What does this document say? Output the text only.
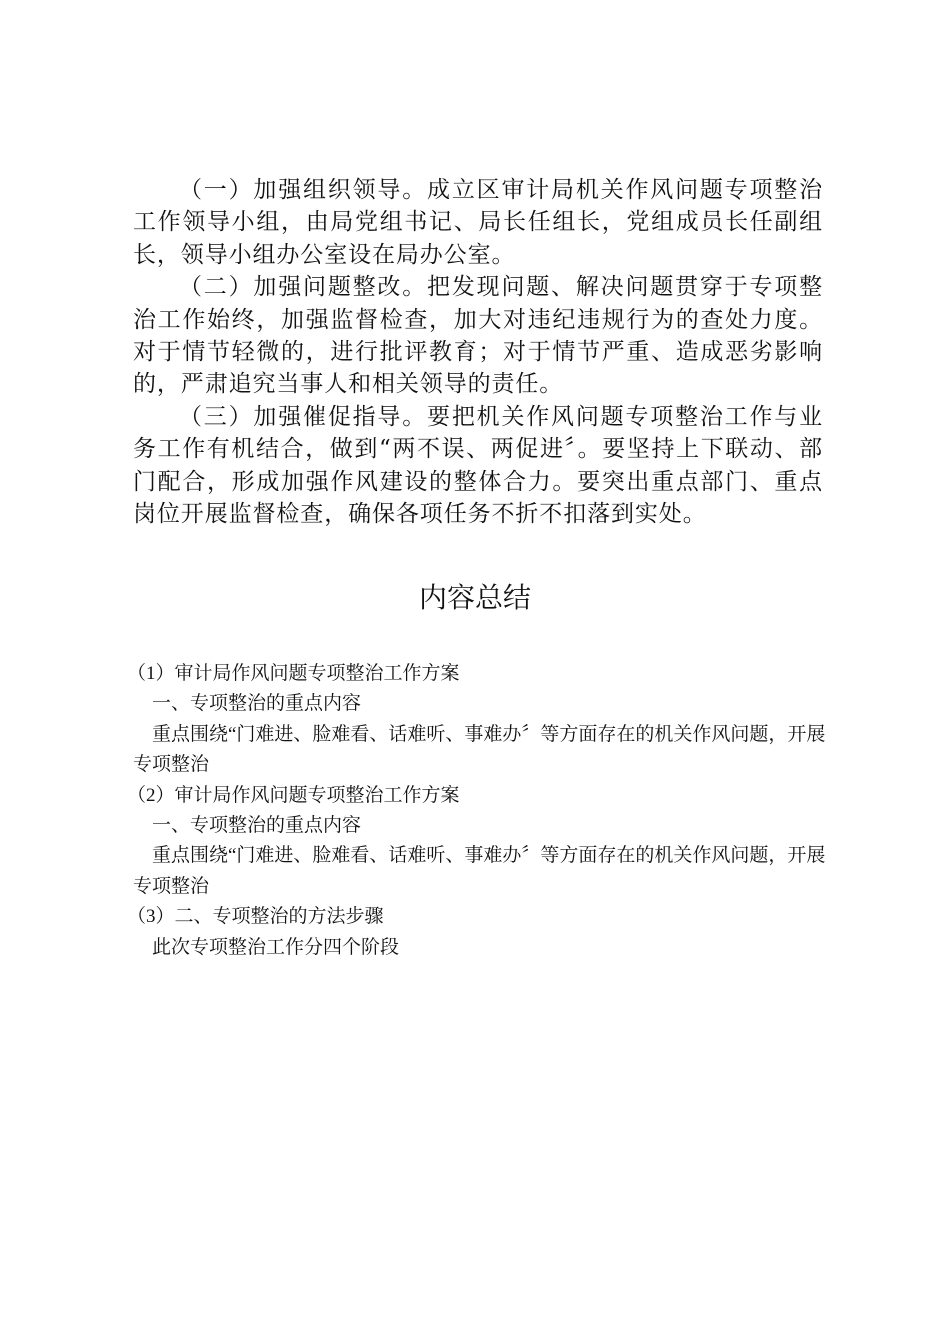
（一）加强组织领导。成立区审计局机关作风问题专项整治工作领导小组，由局党组书记、局长任组长，党组成员长任副组长，领导小组办公室设在局办公室。

（二）加强问题整改。把发现问题、解决问题贯穿于专项整治工作始终，加强监督检查，加大对违纪违规行为的查处力度。对于情节轻微的，进行批评教育；对于情节严重、造成恶劣影响的，严肃追究当事人和相关领导的责任。

（三）加强催促指导。要把机关作风问题专项整治工作与业务工作有机结合，做到“两不误、两促进〞。要坚持上下联动、部门配合，形成加强作风建设的整体合力。要突出重点部门、重点岗位开展监督检查，确保各项任务不折不扣落到实处。

内容总结

（1）审计局作风问题专项整治工作方案

一、专项整治的重点内容

重点围绕“门难进、脸难看、话难听、事难办〞等方面存在的机关作风问题，开展专项整治

（2）审计局作风问题专项整治工作方案

一、专项整治的重点内容

重点围绕“门难进、脸难看、话难听、事难办〞等方面存在的机关作风问题，开展专项整治

（3）二、专项整治的方法步骤

此次专项整治工作分四个阶段
